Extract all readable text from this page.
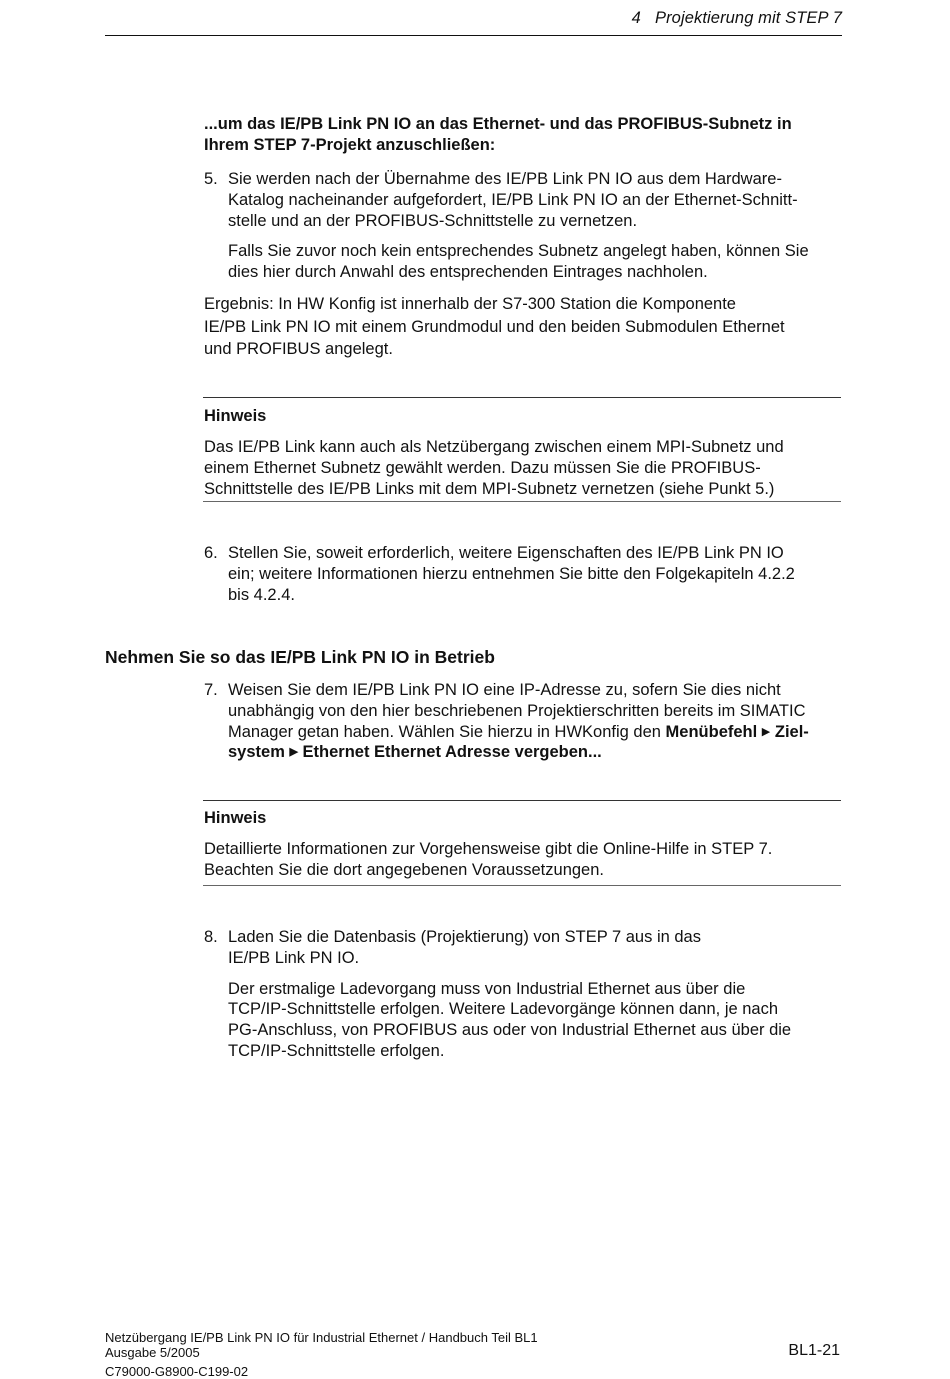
4   Projektierung mit STEP 7
...um das IE/PB Link PN IO an das Ethernet- und das PROFIBUS-Subnetz in
Ihrem STEP 7-Projekt anzuschließen:
5. Sie werden nach der Übernahme des IE/PB Link PN IO aus dem Hardware-
Katalog nacheinander aufgefordert, IE/PB Link PN IO an der Ethernet-Schnitt-
stelle und an der PROFIBUS-Schnittstelle zu vernetzen.
Falls Sie zuvor noch kein entsprechendes Subnetz angelegt haben, können Sie
dies hier durch Anwahl des entsprechenden Eintrages nachholen.
Ergebnis: In HW Konfig ist innerhalb der S7-300 Station die Komponente
IE/PB Link PN IO mit einem Grundmodul und den beiden Submodulen Ethernet
und PROFIBUS angelegt.
Hinweis
Das IE/PB Link kann auch als Netzübergang zwischen einem MPI-Subnetz und
einem Ethernet Subnetz gewählt werden. Dazu müssen Sie die PROFIBUS-
Schnittstelle des IE/PB Links mit dem MPI-Subnetz vernetzen (siehe Punkt 5.)
6. Stellen Sie, soweit erforderlich, weitere Eigenschaften des IE/PB Link PN IO
ein; weitere Informationen hierzu entnehmen Sie bitte den Folgekapiteln 4.2.2
bis 4.2.4.
Nehmen Sie so das IE/PB Link PN IO in Betrieb
7. Weisen Sie dem IE/PB Link PN IO eine IP-Adresse zu, sofern Sie dies nicht
unabhängig von den hier beschriebenen Projektierschritten bereits im SIMATIC
Manager getan haben. Wählen Sie hierzu in HWKonfig den Menübefehl ▶ Ziel-
system ▶ Ethernet Ethernet Adresse vergeben...
Hinweis
Detaillierte Informationen zur Vorgehensweise gibt die Online-Hilfe in STEP 7.
Beachten Sie die dort angegebenen Voraussetzungen.
8. Laden Sie die Datenbasis (Projektierung) von STEP 7 aus in das
IE/PB Link PN IO.
Der erstmalige Ladevorgang muss von Industrial Ethernet aus über die
TCP/IP-Schnittstelle erfolgen. Weitere Ladevorgänge können dann, je nach
PG-Anschluss, von PROFIBUS aus oder von Industrial Ethernet aus über die
TCP/IP-Schnittstelle erfolgen.
Netzübergang IE/PB Link PN IO für Industrial Ethernet / Handbuch Teil BL1
Ausgabe 5/2005
C79000-G8900-C199-02
BL1-21
